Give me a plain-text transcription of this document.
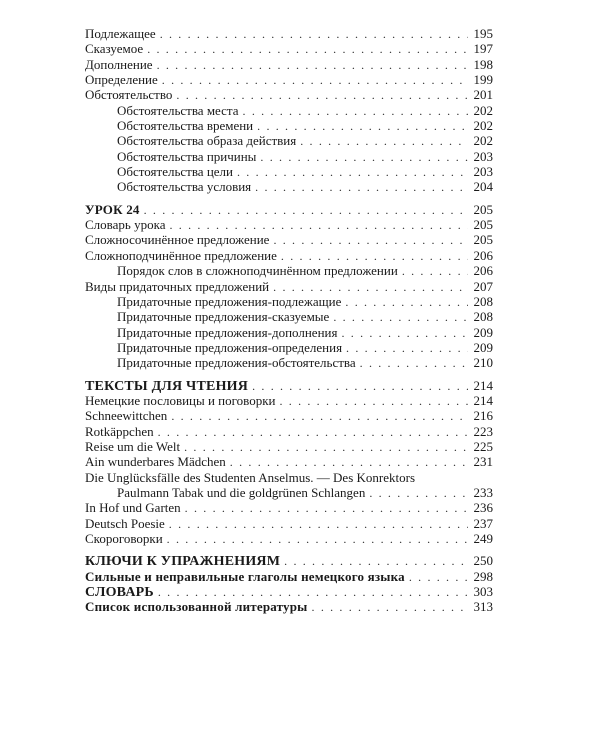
Подлежащее . . .	195
Сказуемое . . .	197
Дополнение . . .	198
Определение . . .	199
Обстоятельство . . .	201
Обстоятельства места . . .	202
Обстоятельства времени . . .	202
Обстоятельства образа действия . . .	202
Обстоятельства причины . . .	203
Обстоятельства цели . . .	203
Обстоятельства условия . . .	204
УРОК 24 . . .	205
Словарь урока . . .	205
Сложносочинённое предложение . . .	205
Сложноподчинённое предложение . . .	206
Порядок слов в сложноподчинённом предложении . . .	206
Виды придаточных предложений . . .	207
Придаточные предложения-подлежащие . . .	208
Придаточные предложения-сказуемые . . .	208
Придаточные предложения-дополнения . . .	209
Придаточные предложения-определения . . .	209
Придаточные предложения-обстоятельства . . .	210
ТЕКСТЫ ДЛЯ ЧТЕНИЯ . . .	214
Немецкие пословицы и поговорки . . .	214
Schneewittchen . . .	216
Rotkäppchen . . .	223
Reise um die Welt . . .	225
Ain wunderbares Mädchen . . .	231
Die Unglücksfälle des Studenten Anselmus. — Des Konrektors
Paulmann Tabak und die goldgrünen Schlangen . . .	233
In Hof und Garten . . .	236
Deutsch Poesie . . .	237
Скороговорки . . .	249
КЛЮЧИ К УПРАЖНЕНИЯМ . . .	250
Сильные и неправильные глаголы немецкого языка . . .	298
СЛОВАРЬ . . .	303
Список использованной литературы . . .	313
